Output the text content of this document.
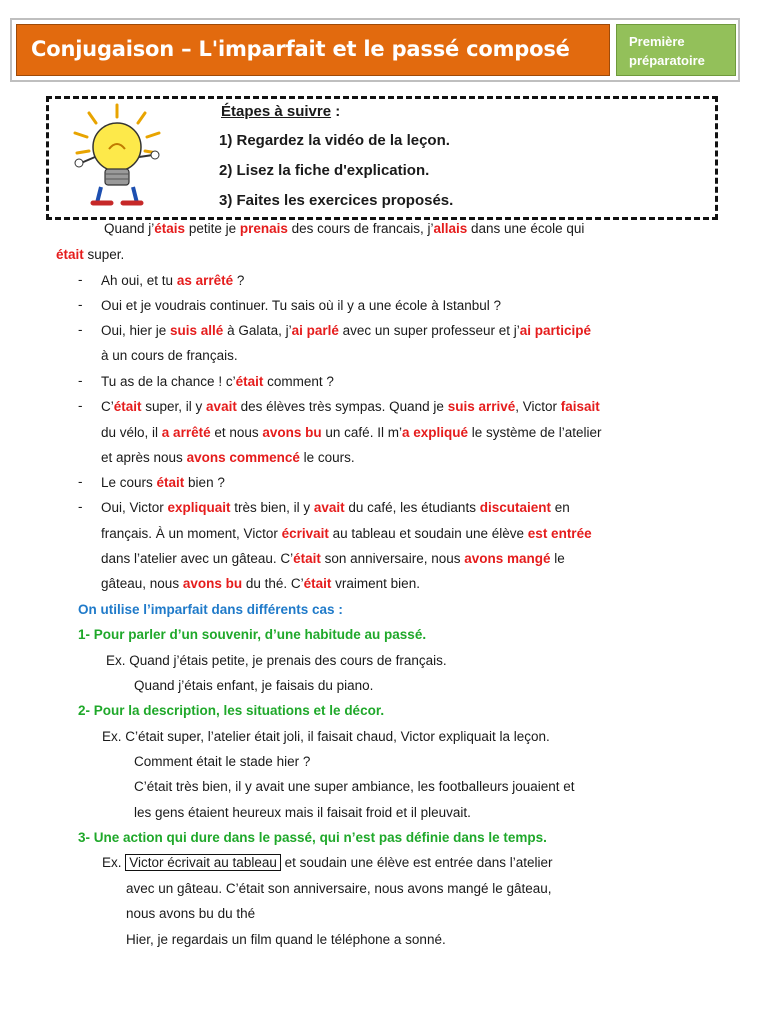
Conjugaison – L'imparfait et le passé composé	Première
préparatoire
Étapes à suivre :
1) Regardez la vidéo de la leçon.
2) Lisez la fiche d'explication.
3) Faites les exercices proposés.
Quand j’étais petite je prenais des cours de francais, j’allais dans une école qui
était super.
- Ah oui, et tu as arrêté ?
- Oui et je voudrais continuer. Tu sais où il y a une école à Istanbul ?
- Oui, hier je suis allé à Galata, j’ai parlé avec un super professeur et j’ai participé
à un cours de français.
- Tu as de la chance ! c’était comment ?
- C’était super, il y avait des élèves très sympas. Quand je suis arrivé, Victor faisait
du vélo, il a arrêté et nous avons bu un café. Il m’a expliqué le système de l’atelier
et après nous avons commencé le cours.
- Le cours était bien ?
- Oui, Victor expliquait très bien, il y avait du café, les étudiants discutaient en
français. À un moment, Victor écrivait au tableau et soudain une élève est entrée
dans l’atelier avec un gâteau. C’était son anniversaire, nous avons mangé le
gâteau, nous avons bu du thé. C’était vraiment bien.
On utilise l’imparfait dans différents cas :
1- Pour parler d’un souvenir, d’une habitude au passé.
Ex. Quand j’étais petite, je prenais des cours de français.
Quand j’étais enfant, je faisais du piano.
2- Pour la description, les situations et le décor.
Ex. C’était super, l’atelier était joli, il faisait chaud, Victor expliquait la leçon.
Comment était le stade hier ?
C’était très bien, il y avait une super ambiance, les footballeurs jouaient et
les gens étaient heureux mais il faisait froid et il pleuvait.
3- Une action qui dure dans le passé, qui n’est pas définie dans le temps.
Ex. Victor écrivait au tableau et soudain une élève est entrée dans l’atelier
avec un gâteau. C’était son anniversaire, nous avons mangé le gâteau,
nous avons bu du thé
Hier, je regardais un film quand le téléphone a sonné.
